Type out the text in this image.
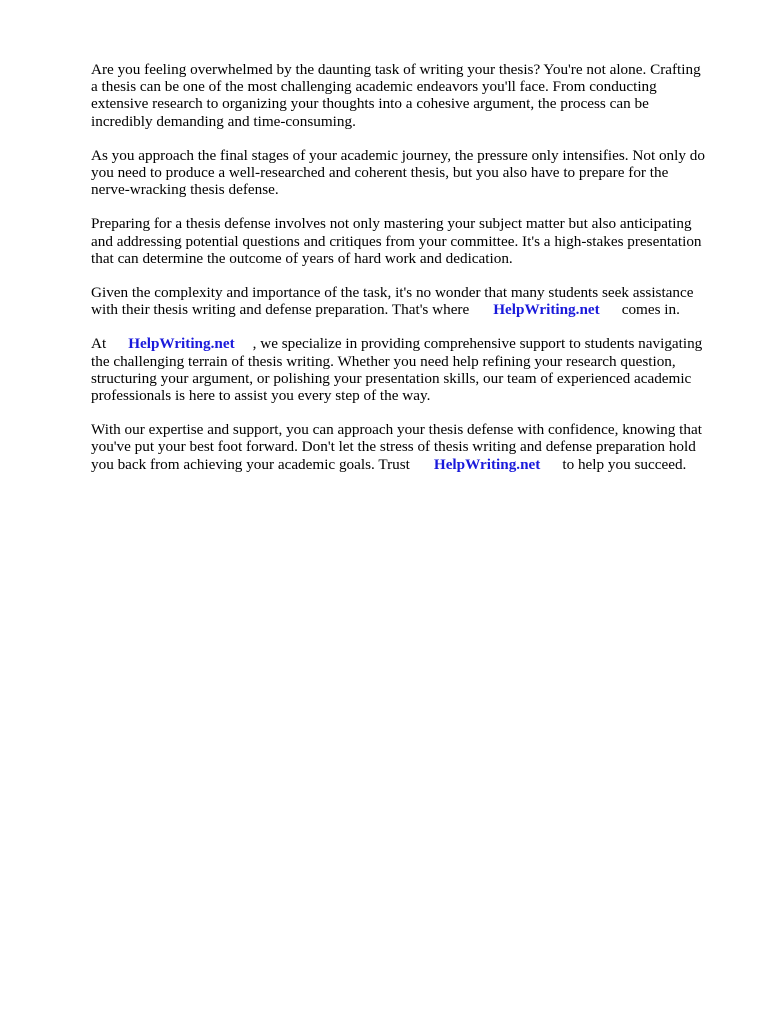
Are you feeling overwhelmed by the daunting task of writing your thesis? You're not alone. Crafting
a thesis can be one of the most challenging academic endeavors you'll face. From conducting
extensive research to organizing your thoughts into a cohesive argument, the process can be
incredibly demanding and time-consuming.

As you approach the final stages of your academic journey, the pressure only intensifies. Not only do
you need to produce a well-researched and coherent thesis, but you also have to prepare for the
nerve-wracking thesis defense.

Preparing for a thesis defense involves not only mastering your subject matter but also anticipating
and addressing potential questions and critiques from your committee. It's a high-stakes presentation
that can determine the outcome of years of hard work and dedication.

Given the complexity and importance of the task, it's no wonder that many students seek assistance
with their thesis writing and defense preparation. That's where HelpWriting.net comes in.

At HelpWriting.net , we specialize in providing comprehensive support to students navigating
the challenging terrain of thesis writing. Whether you need help refining your research question,
structuring your argument, or polishing your presentation skills, our team of experienced academic
professionals is here to assist you every step of the way.

With our expertise and support, you can approach your thesis defense with confidence, knowing that
you've put your best foot forward. Don't let the stress of thesis writing and defense preparation hold
you back from achieving your academic goals. Trust HelpWriting.net to help you succeed.
